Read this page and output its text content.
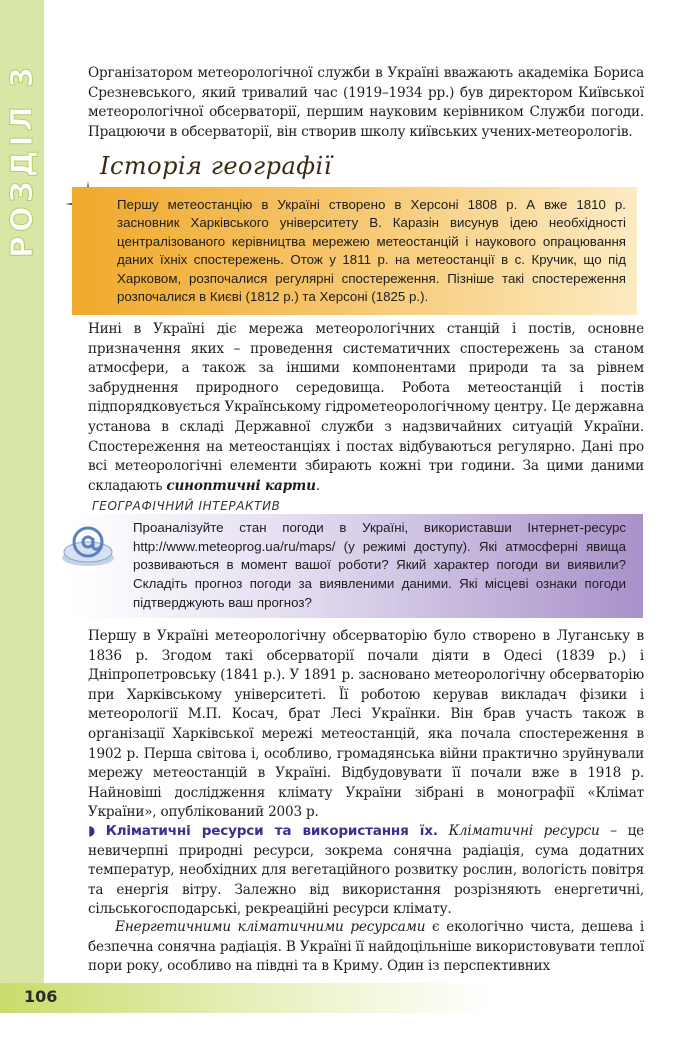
РОЗДІЛ 3	Організатором метеорологічної служби в Україні вважають академіка Бориса Срезневського, який тривалий час (1919–1934 рр.) був директором Київської метеорологічної обсерваторії, першим науковим керівником Служби погоди. Працюючи в обсерваторії, він створив школу київських учених-метеорологів.

Історія географії

Першу метеостанцію в Україні створено в Херсоні 1808 р. А вже 1810 р. засновник Харківського університету В. Каразін висунув ідею необхідності централізованого керівництва мережею метеостанцій і наукового опрацювання даних їхніх спостережень. Отож у 1811 р. на метеостанції в с. Кручик, що під Харковом, розпочалися регулярні спостереження. Пізніше такі спостереження розпочалися в Києві (1812 р.) та Херсоні (1825 р.).

Нині в Україні діє мережа метеорологічних станцій і постів, основне призначення яких – проведення систематичних спостережень за станом атмосфери, а також за іншими компонентами природи та за рівнем забруднення природного середовища. Робота метеостанцій і постів підпорядковується Українському гідрометеорологічному центру. Це державна установа в складі Державної служби з надзвичайних ситуацій України. Спостереження на метеостанціях і постах відбуваються регулярно. Дані про всі метеорологічні елементи збирають кожні три години. За цими даними складають синоптичні карти.

ГЕОГРАФІЧНИЙ ІНТЕРАКТИВ

Проаналізуйте стан погоди в Україні, використавши Інтернет-ресурс http://www.meteoprog.ua/ru/maps/ (у режимі доступу). Які атмосферні явища розвиваються в момент вашої роботи? Який характер погоди ви виявили? Складіть прогноз погоди за виявленими даними. Які місцеві ознаки погоди підтверджують ваш прогноз?

Першу в Україні метеорологічну обсерваторію було створено в Луганську в 1836 р. Згодом такі обсерваторії почали діяти в Одесі (1839 р.) і Дніпропетровську (1841 р.). У 1891 р. засновано метеорологічну обсерваторію при Харківському університеті. Її роботою керував викладач фізики і метеорології М.П. Косач, брат Лесі Українки. Він брав участь також в організації Харківської мережі метеостанцій, яка почала спостереження в 1902 р. Перша світова і, особливо, громадянська війни практично зруйнували мережу метеостанцій в Україні. Відбудовувати її почали вже в 1918 р. Найновіші дослідження клімату України зібрані в монографії «Клімат України», опублікований 2003 р.

◗ Кліматичні ресурси та використання їх. Кліматичні ресурси – це невичерпні природні ресурси, зокрема сонячна радіація, сума додатних температур, необхідних для вегетаційного розвитку рослин, вологість повітря та енергія вітру. Залежно від використання розрізняють енергетичні, сільськогосподарські, рекреаційні ресурси клімату.

Енергетичними кліматичними ресурсами є екологічно чиста, дешева і безпечна сонячна радіація. В Україні її найдоцільніше використовувати теплої пори року, особливо на півдні та в Криму. Один із перспективних

106
